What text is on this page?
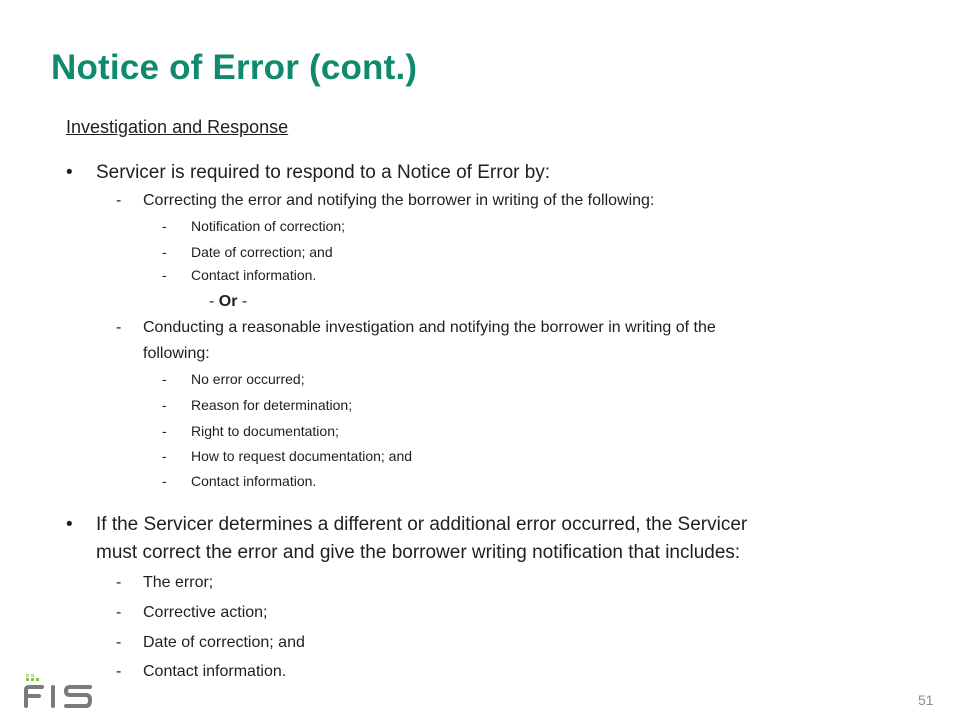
Notice of Error (cont.)
Investigation and Response
• Servicer is required to respond to a Notice of Error by:
- Correcting the error and notifying the borrower in writing of the following:
- Notification of correction;
- Date of correction; and
- Contact information.
- Or -
- Conducting a reasonable investigation and notifying the borrower in writing of the
following:
- No error occurred;
- Reason for determination;
- Right to documentation;
- How to request documentation; and
- Contact information.
• If the Servicer determines a different or additional error occurred, the Servicer
must correct the error and give the borrower writing notification that includes:
- The error;
- Corrective action;
- Date of correction; and
- Contact information.
51
